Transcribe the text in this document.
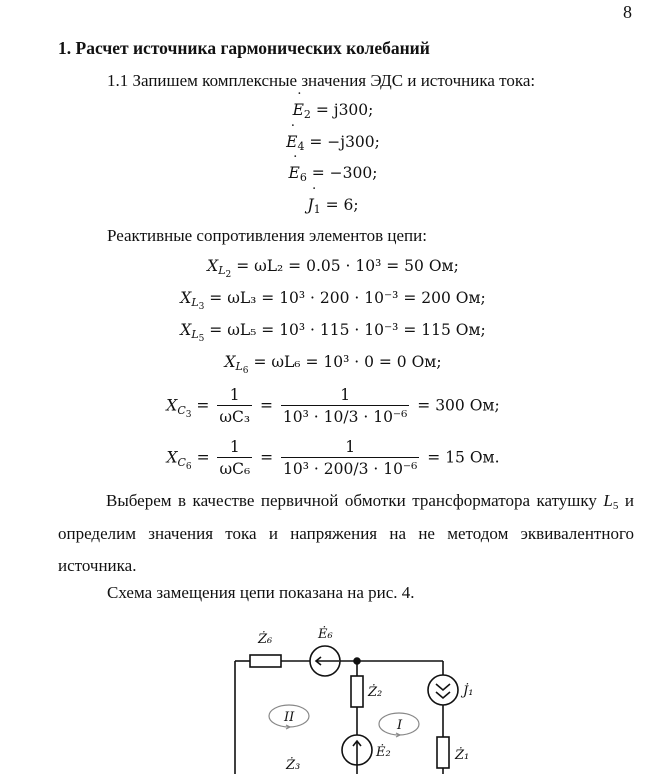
8
1. Расчет источника гармонических колебаний
1.1 Запишем комплексные значения ЭДС и источника тока:
˙ $E_2 = j300$;
˙ $E_4 = -j300$;
˙ $E_6 = -300$;
˙ $J_1 = 6$;
Реактивные сопротивления элементов цепи:
$X_{L_2} = \omega L_2 = 0.05 \cdot 10^3 = 50$ Ом;
$X_{L_3} = \omega L_3 = 10^3 \cdot 200 \cdot 10^{-3} = 200$ Ом;
$X_{L_5} = \omega L_5 = 10^3 \cdot 115 \cdot 10^{-3} = 115$ Ом;
$X_{L_6} = \omega L_6 = 10^3 \cdot 0 = 0$ Ом;
$X_{C_3} = \frac{1}{\text{ωC₃}} = \frac{1}{\text{10³ · 10/3 · 10⁻⁶}} = 300$ Ом;
$X_{C_6} = \frac{1}{\text{ωC₆}} = \frac{1}{\text{10³ · 200/3 · 10⁻⁶}} = 15$ Ом.
Выберем в качестве первичной обмотки трансформатора катушку $L_5$ и
определим значения тока и напряжения на не методом эквивалентного
источника.
Схема замещения цепи показана на рис. 4.
Ż₆	Ė₆
Ż₂	J̇₁
Ė₂	Ż₁
Ż₃
II
I
